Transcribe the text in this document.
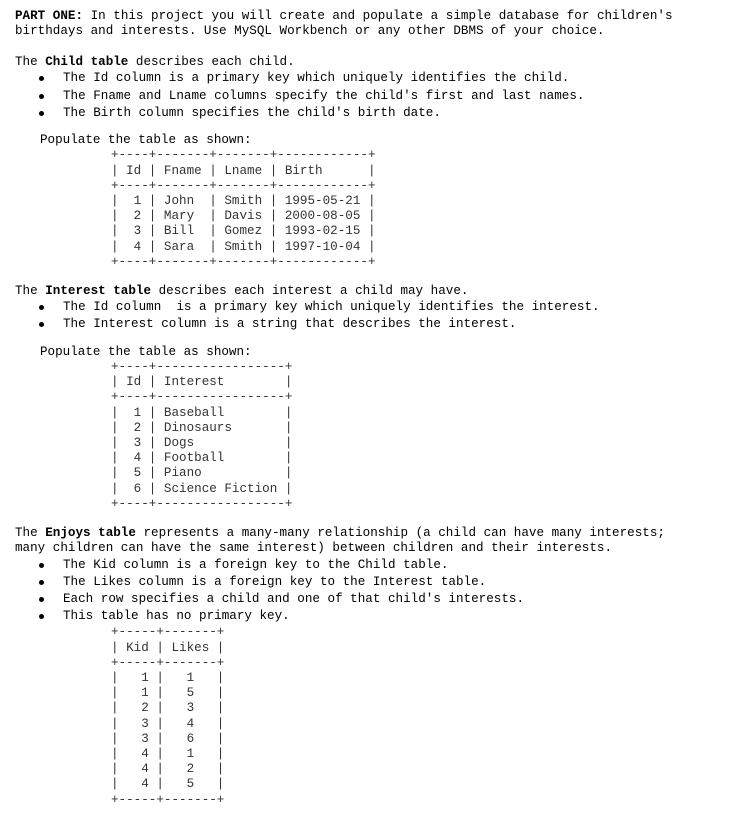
PART ONE: In this project you will create and populate a simple database for children's
birthdays and interests. Use MySQL Workbench or any other DBMS of your choice.
The Child table describes each child.
The Id column is a primary key which uniquely identifies the child.
The Fname and Lname columns specify the child's first and last names.
The Birth column specifies the child's birth date.
Populate the table as shown:
+----+-------+-------+------------+
| Id | Fname | Lname | Birth      |
+----+-------+-------+------------+
|  1 | John  | Smith | 1995-05-21 |
|  2 | Mary  | Davis | 2000-08-05 |
|  3 | Bill  | Gomez | 1993-02-15 |
|  4 | Sara  | Smith | 1997-10-04 |
+----+-------+-------+------------+
The Interest table describes each interest a child may have.
The Id column  is a primary key which uniquely identifies the interest.
The Interest column is a string that describes the interest.
Populate the table as shown:
+----+-----------------+
| Id | Interest        |
+----+-----------------+
|  1 | Baseball        |
|  2 | Dinosaurs       |
|  3 | Dogs            |
|  4 | Football        |
|  5 | Piano           |
|  6 | Science Fiction |
+----+-----------------+
The Enjoys table represents a many-many relationship (a child can have many interests;
many children can have the same interest) between children and their interests.
The Kid column is a foreign key to the Child table.
The Likes column is a foreign key to the Interest table.
Each row specifies a child and one of that child's interests.
This table has no primary key.
+-----+-------+
| Kid | Likes |
+-----+-------+
|   1 |   1   |
|   1 |   5   |
|   2 |   3   |
|   3 |   4   |
|   3 |   6   |
|   4 |   1   |
|   4 |   2   |
|   4 |   5   |
+-----+-------+
